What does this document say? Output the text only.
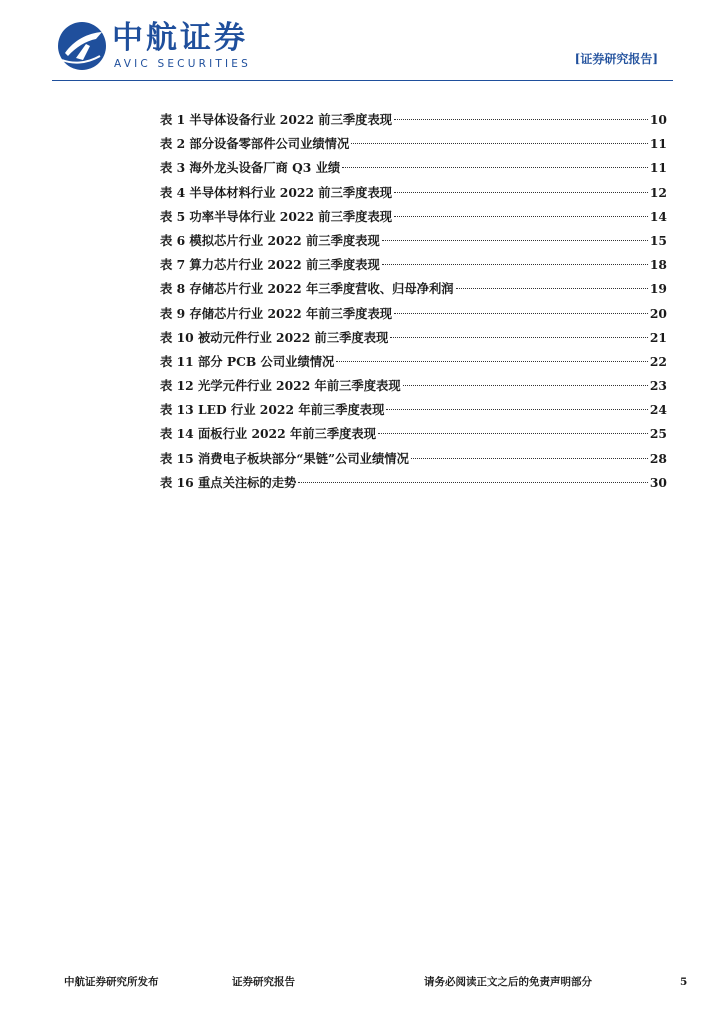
中航证券
AVIC SECURITIES	[证券研究报告]
表 1 半导体设备行业 2022 前三季度表现	10
表 2 部分设备零部件公司业绩情况	11
表 3 海外龙头设备厂商 Q3 业绩	11
表 4 半导体材料行业 2022 前三季度表现	12
表 5 功率半导体行业 2022 前三季度表现	14
表 6 模拟芯片行业 2022 前三季度表现	15
表 7 算力芯片行业 2022 前三季度表现	18
表 8 存储芯片行业 2022 年三季度营收、归母净利润	19
表 9 存储芯片行业 2022 年前三季度表现	20
表 10 被动元件行业 2022 前三季度表现	21
表 11 部分 PCB 公司业绩情况	22
表 12 光学元件行业 2022 年前三季度表现	23
表 13 LED 行业 2022 年前三季度表现	24
表 14 面板行业 2022 年前三季度表现	25
表 15 消费电子板块部分“果链”公司业绩情况	28
表 16 重点关注标的走势	30
中航证券研究所发布	证券研究报告	请务必阅读正文之后的免责声明部分	5
